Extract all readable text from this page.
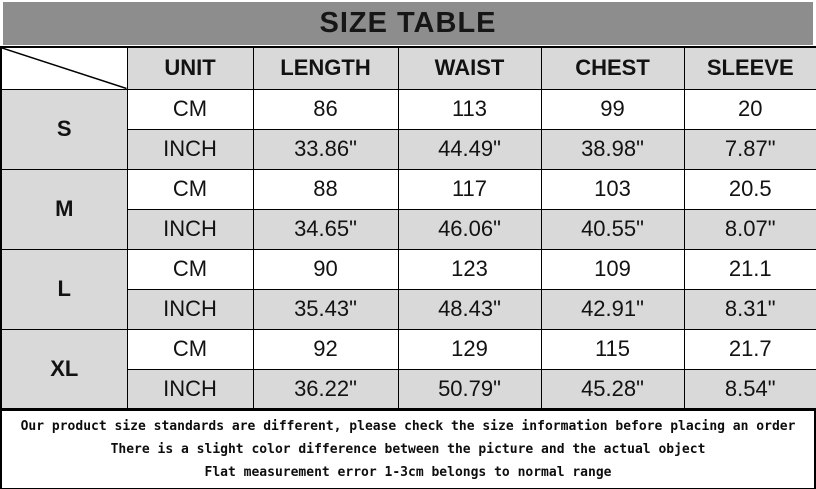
SIZE TABLE
	UNIT	LENGTH	WAIST	CHEST	SLEEVE
S	CM	86	113	99	20
	INCH	33.86"	44.49"	38.98"	7.87"
M	CM	88	117	103	20.5
	INCH	34.65"	46.06"	40.55"	8.07"
L	CM	90	123	109	21.1
	INCH	35.43"	48.43"	42.91"	8.31"
XL	CM	92	129	115	21.7
	INCH	36.22"	50.79"	45.28"	8.54"
Our product size standards are different, please check the size information before placing an order
There is a slight color difference between the picture and the actual object
Flat measurement error 1-3cm belongs to normal range
